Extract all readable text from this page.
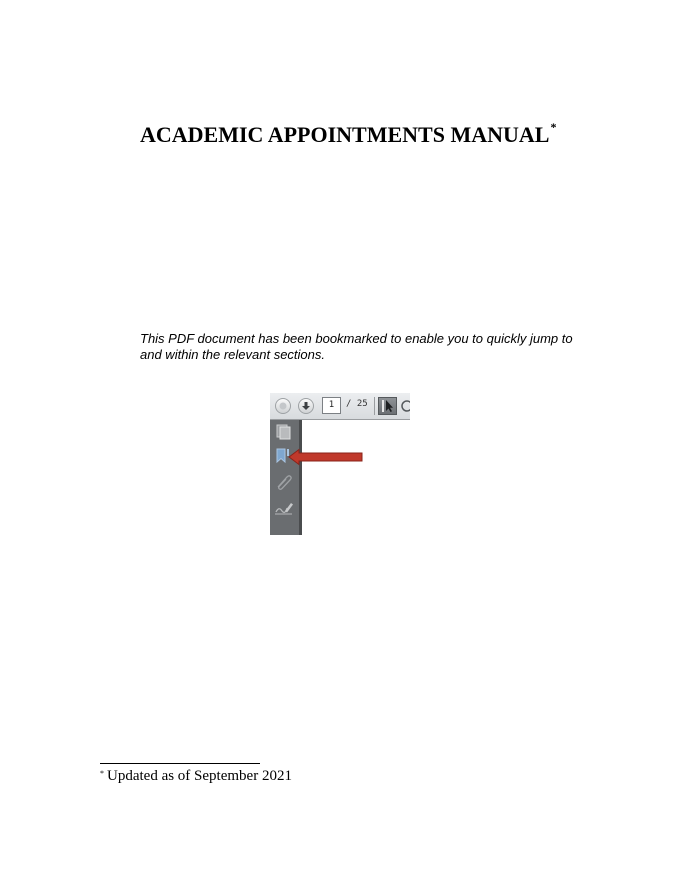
ACADEMIC APPOINTMENTS MANUAL*
This PDF document has been bookmarked to enable you to quickly jump to and within the relevant sections.
1	/ 25
* Updated as of September 2021
